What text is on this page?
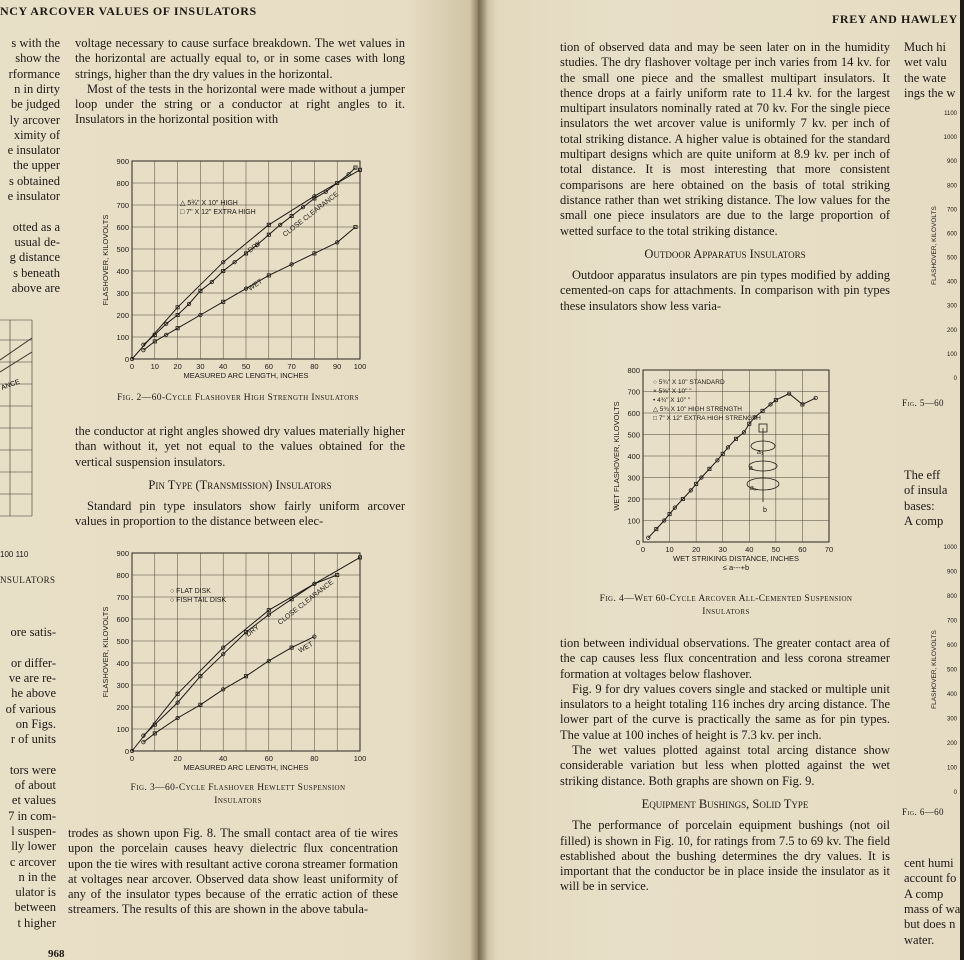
NCY ARCOVER VALUES OF INSULATORS
s with the
show the
rformance
n in dirty
be judged
ly arcover
ximity of
e insulator
the upper
s obtained
e insulator
otted as a
usual de-
g distance
s beneath
above are
ore satis-
or differ-
ve are re-
he above
of various
on Figs.
r of units
tors were
of about
et values
7 in com-
l suspen-
lly lower
c arcover
n in the
ulator is
between
t higher
ANCE
100 110
NSULATORS

voltage necessary to cause surface breakdown. The wet values in the horizontal are actually equal to, or in some cases with long strings, higher than the dry values in the horizontal.

Most of the tests in the horizontal were made without a jumper loop under the string or a conductor at right angles to it. Insulators in the horizontal position with

0
100
200
300
400
500
600
700
800
900
0 10 20 30 40 50 60 70 80 90 100
MEASURED ARC LENGTH, INCHES
FLASHOVER, KILOVOLTS
△ 5¾" X 10" HIGH
□ 7" X 12" EXTRA HIGH
DRY
CLOSE CLEARANCE
WET
Fig. 2—60-Cycle Flashover High Strength Insulators

the conductor at right angles showed dry values materially higher than without it, yet not equal to the values obtained for the vertical suspension insulators.

Pin Type (Transmission) Insulators

Standard pin type insulators show fairly uniform arcover values in proportion to the distance between elec-

0
100
200
300
400
500
600
700
800
900
0	20	40	60	80	100
MEASURED ARC LENGTH, INCHES
FLASHOVER, KILOVOLTS
○ FLAT DISK
○ FISH TAIL DISK
DRY
CLOSE CLEARANCE
WET
Fig. 3—60-Cycle Flashover Hewlett Suspension
Insulators

trodes as shown upon Fig. 8. The small contact area of tie wires upon the porcelain causes heavy dielectric flux concentration upon the tie wires with resultant active corona streamer formation at voltages near arcover. Observed data show least uniformity of any of the insulator types because of the erratic action of these streamers. The results of this are shown in the above tabula-

968
FREY AND HAWLEY

tion of observed data and may be seen later on in the humidity studies. The dry flashover voltage per inch varies from 14 kv. for the small one piece and the smallest multipart insulators. It thence drops at a fairly uniform rate to 11.4 kv. for the largest multipart insulators nominally rated at 70 kv. For the single piece insulators the wet arcover value is uniformly 7 kv. per inch of total striking distance. A higher value is obtained for the standard multipart designs which are quite uniform at 8.9 kv. per inch of total distance. It is most interesting that more consistent comparisons are here obtained on the basis of total striking distance rather than wet striking distance. The low values for the small one piece insulators are due to the large proportion of wetted surface to the total striking distance.

Outdoor Apparatus Insulators

Outdoor apparatus insulators are pin types modified by adding cemented-on caps for attachments. In comparison with pin types these insulators show less varia-

0
100
200
300
400
500
600
700
800
0	10 20 30 40 50 60 70
WET STRIKING DISTANCE, INCHES
≤ a---+b
WET FLASHOVER, KILOVOLTS
○ 5¾" X 10" STANDARD
× 5⅝" X 10" "
• 4¾" X 10" "
△ 5¾ X 10" HIGH STRENGTH
□ 7" X 12" EXTRA HIGH STRENGTH
a
a₂
a₁
b
Fig. 4—Wet 60-Cycle Arcover All-Cemented Suspension
Insulators

tion between individual observations. The greater contact area of the cap causes less flux concentration and less corona streamer formation at voltages below flashover.

Fig. 9 for dry values covers single and stacked or multiple unit insulators to a height totaling 116 inches dry arcing distance. The lower part of the curve is practically the same as for pin types. The value at 100 inches of height is 7.3 kv. per inch.

The wet values plotted against total arcing distance show considerable variation but less when plotted against the wet striking distance. Both graphs are shown on Fig. 9.

Equipment Bushings, Solid Type

The performance of porcelain equipment bushings (not oil filled) is shown in Fig. 10, for ratings from 7.5 to 69 kv. The field established about the bushing determines the dry values. It is important that the conductor be in place inside the insulator as it will be in service.

Much hi
wet valu
the wate
ings the w
The eff
of insula
bases:
A comp
cent humi
account fo
A comp
mass of wa
but does n
water.
1100
1000
900
800
700
600
500
400
300
200
100
0
FLASHOVER, KILOVOLTS
Fig. 5—60
1000
900
800
700
600
500
400
300
200
100
0
FLASHOVER, KILOVOLTS
Fig. 6—60
